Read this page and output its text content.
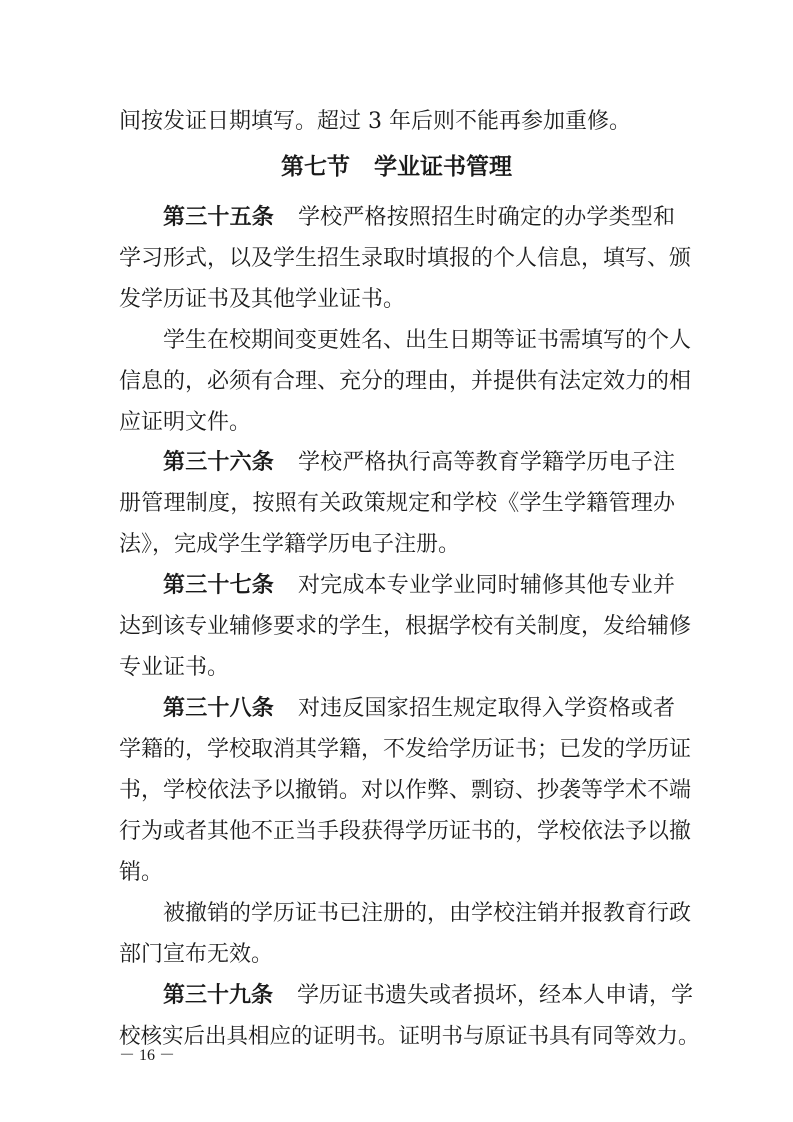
间按发证日期填写。超过 3 年后则不能再参加重修。
第七节 学业证书管理
第三十五条 学校严格按照招生时确定的办学类型和
学习形式，以及学生招生录取时填报的个人信息，填写、颁
发学历证书及其他学业证书。
学生在校期间变更姓名、出生日期等证书需填写的个人
信息的，必须有合理、充分的理由，并提供有法定效力的相
应证明文件。
第三十六条 学校严格执行高等教育学籍学历电子注
册管理制度，按照有关政策规定和学校《学生学籍管理办
法》，完成学生学籍学历电子注册。
第三十七条 对完成本专业学业同时辅修其他专业并
达到该专业辅修要求的学生，根据学校有关制度，发给辅修
专业证书。
第三十八条 对违反国家招生规定取得入学资格或者
学籍的，学校取消其学籍，不发给学历证书；已发的学历证
书，学校依法予以撤销。对以作弊、剽窃、抄袭等学术不端
行为或者其他不正当手段获得学历证书的，学校依法予以撤
销。
被撤销的学历证书已注册的，由学校注销并报教育行政
部门宣布无效。
第三十九条 学历证书遗失或者损坏，经本人申请，学
校核实后出具相应的证明书。证明书与原证书具有同等效力。
－ 16 －
